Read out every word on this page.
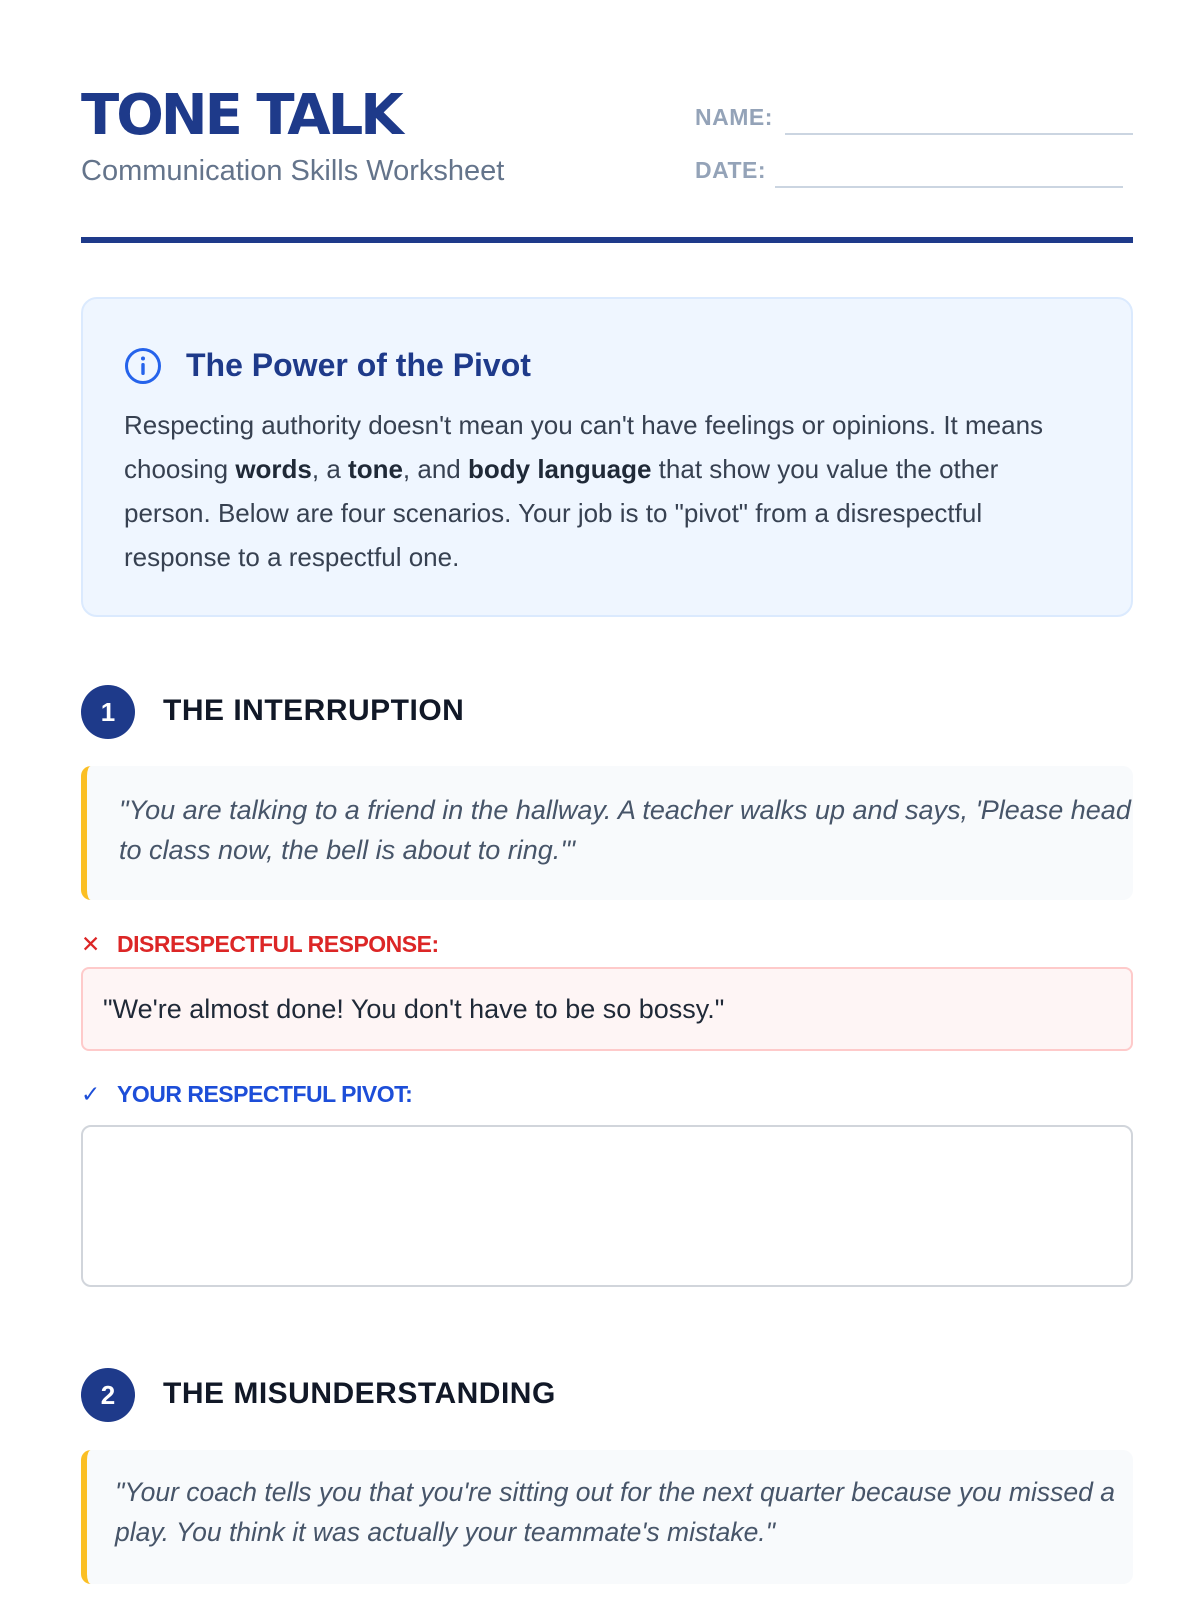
TONE TALK
Communication Skills Worksheet
NAME:
DATE:
The Power of the Pivot
Respecting authority doesn't mean you can't have feelings or opinions. It means choosing words, a tone, and body language that show you value the other person. Below are four scenarios. Your job is to "pivot" from a disrespectful response to a respectful one.
1	THE INTERRUPTION
"You are talking to a friend in the hallway. A teacher walks up and says, 'Please head to class now, the bell is about to ring.'"
✕ DISRESPECTFUL RESPONSE:
"We're almost done! You don't have to be so bossy."
✓ YOUR RESPECTFUL PIVOT:
2	THE MISUNDERSTANDING
"Your coach tells you that you're sitting out for the next quarter because you missed a play. You think it was actually your teammate's mistake."
